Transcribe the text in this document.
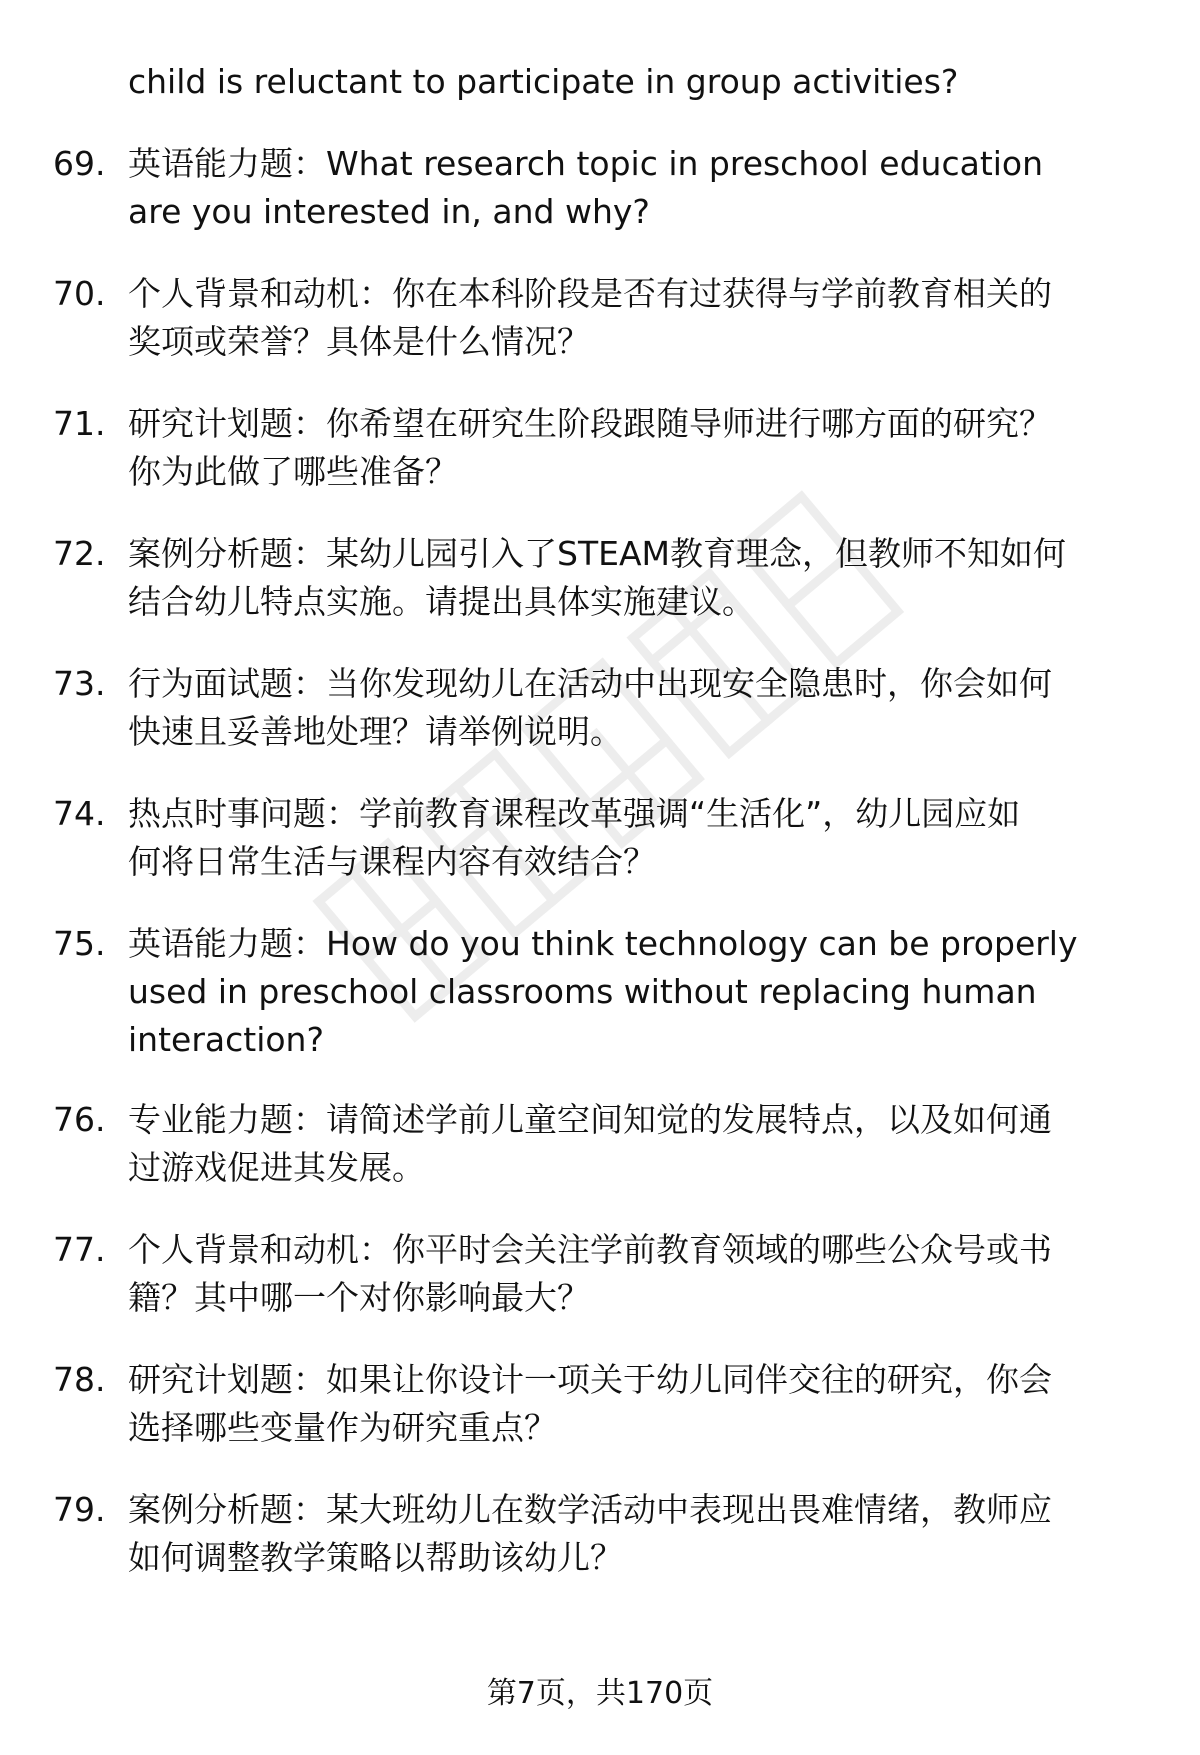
child is reluctant to participate in group activities?
69. 英语能力题：What research topic in preschool education
are you interested in, and why?
70. 个人背景和动机：你在本科阶段是否有过获得与学前教育相关的
奖项或荣誉？具体是什么情况？
71. 研究计划题：你希望在研究生阶段跟随导师进行哪方面的研究？
你为此做了哪些准备？
72. 案例分析题：某幼儿园引入了STEAM教育理念，但教师不知如何
结合幼儿特点实施。请提出具体实施建议。
73. 行为面试题：当你发现幼儿在活动中出现安全隐患时，你会如何
快速且妥善地处理？请举例说明。
74. 热点时事问题：学前教育课程改革强调“生活化”，幼儿园应如
何将日常生活与课程内容有效结合？
75. 英语能力题：How do you think technology can be properly
used in preschool classrooms without replacing human
interaction?
76. 专业能力题：请简述学前儿童空间知觉的发展特点，以及如何通
过游戏促进其发展。
77. 个人背景和动机：你平时会关注学前教育领域的哪些公众号或书
籍？其中哪一个对你影响最大？
78. 研究计划题：如果让你设计一项关于幼儿同伴交往的研究，你会
选择哪些变量作为研究重点？
79. 案例分析题：某大班幼儿在数学活动中表现出畏难情绪，教师应
如何调整教学策略以帮助该幼儿？
第7页，共170页
